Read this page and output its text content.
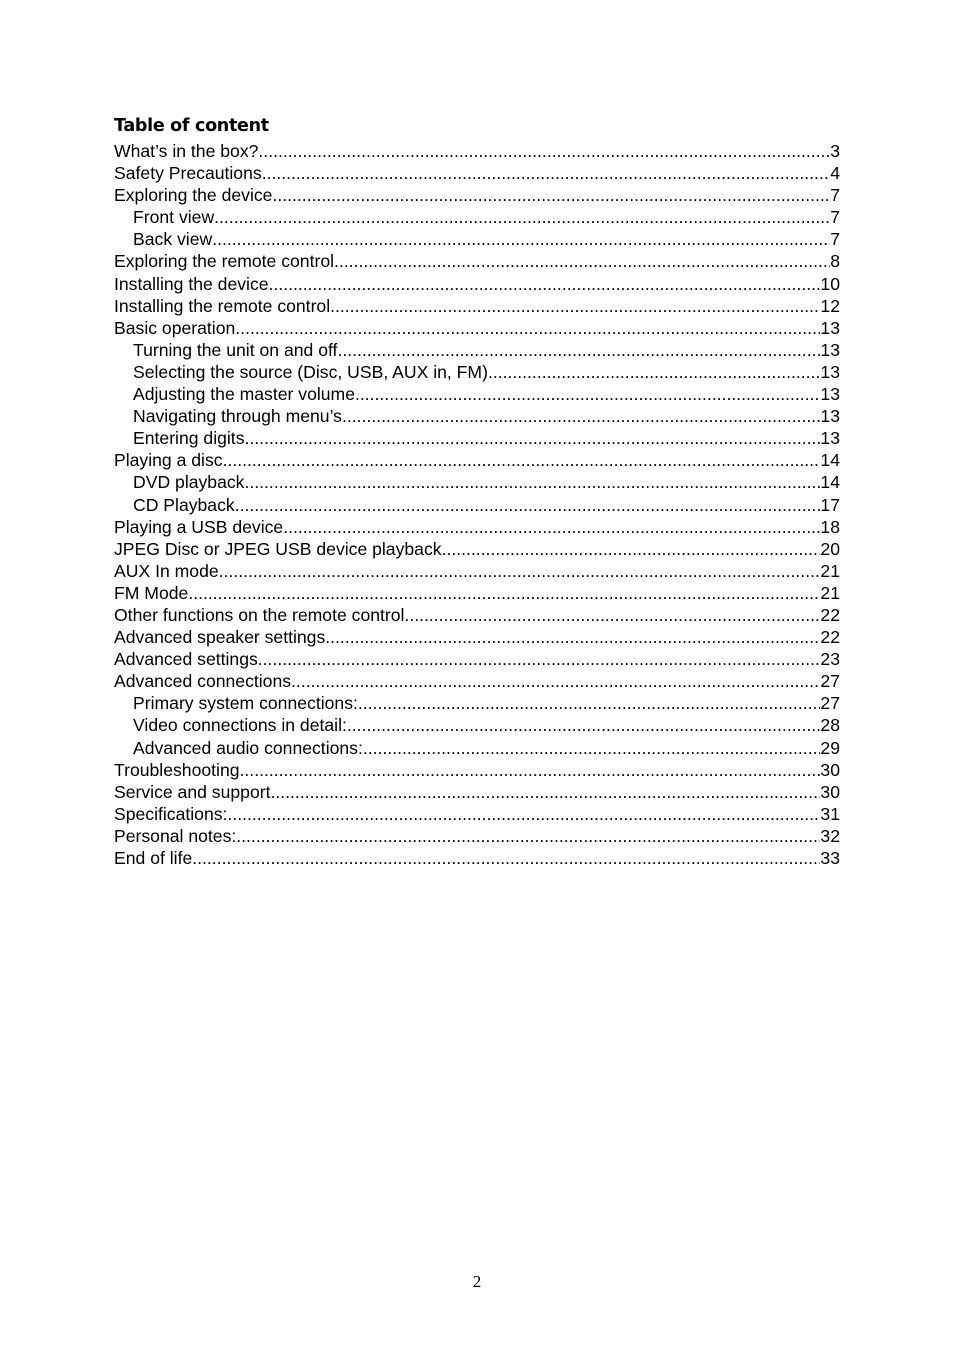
Table of content
What’s in the box? .....	3
Safety Precautions .....	4
Exploring the device .....	7
Front view .....	7
Back view .....	7
Exploring the remote control .....	8
Installing the device .....	10
Installing the remote control .....	12
Basic operation .....	13
Turning the unit on and off .....	13
Selecting the source (Disc, USB, AUX in, FM) .....	13
Adjusting the master volume .....	13
Navigating through menu’s .....	13
Entering digits .....	13
Playing a disc .....	14
DVD playback .....	14
CD Playback .....	17
Playing a USB device .....	18
JPEG Disc or JPEG USB device playback .....	20
AUX In mode .....	21
FM Mode .....	21
Other functions on the remote control .....	22
Advanced speaker settings .....	22
Advanced settings .....	23
Advanced connections .....	27
Primary system connections: .....	27
Video connections in detail: .....	28
Advanced audio connections: .....	29
Troubleshooting .....	30
Service and support .....	30
Specifications: .....	31
Personal notes: .....	32
End of life .....	33
2
